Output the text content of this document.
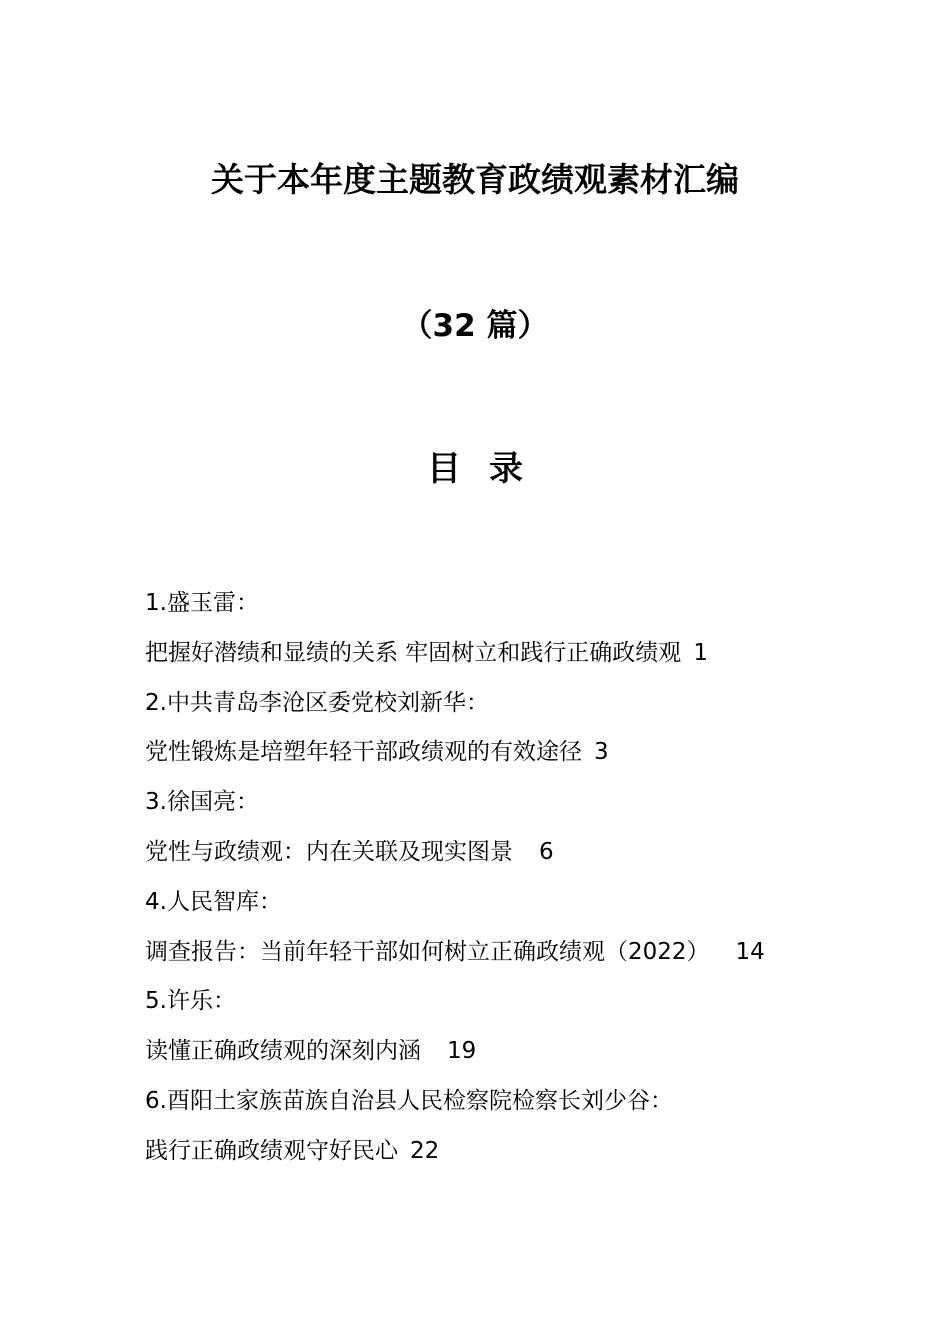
关于本年度主题教育政绩观素材汇编
（32 篇）
目录
1.盛玉雷：
把握好潜绩和显绩的关系 牢固树立和践行正确政绩观 1
2.中共青岛李沧区委党校刘新华：
党性锻炼是培塑年轻干部政绩观的有效途径 3
3.徐国亮：
党性与政绩观：内在关联及现实图景 6
4.人民智库：
调查报告：当前年轻干部如何树立正确政绩观（2022） 14
5.许乐：
读懂正确政绩观的深刻内涵 19
6.酉阳土家族苗族自治县人民检察院检察长刘少谷：
践行正确政绩观守好民心 22
